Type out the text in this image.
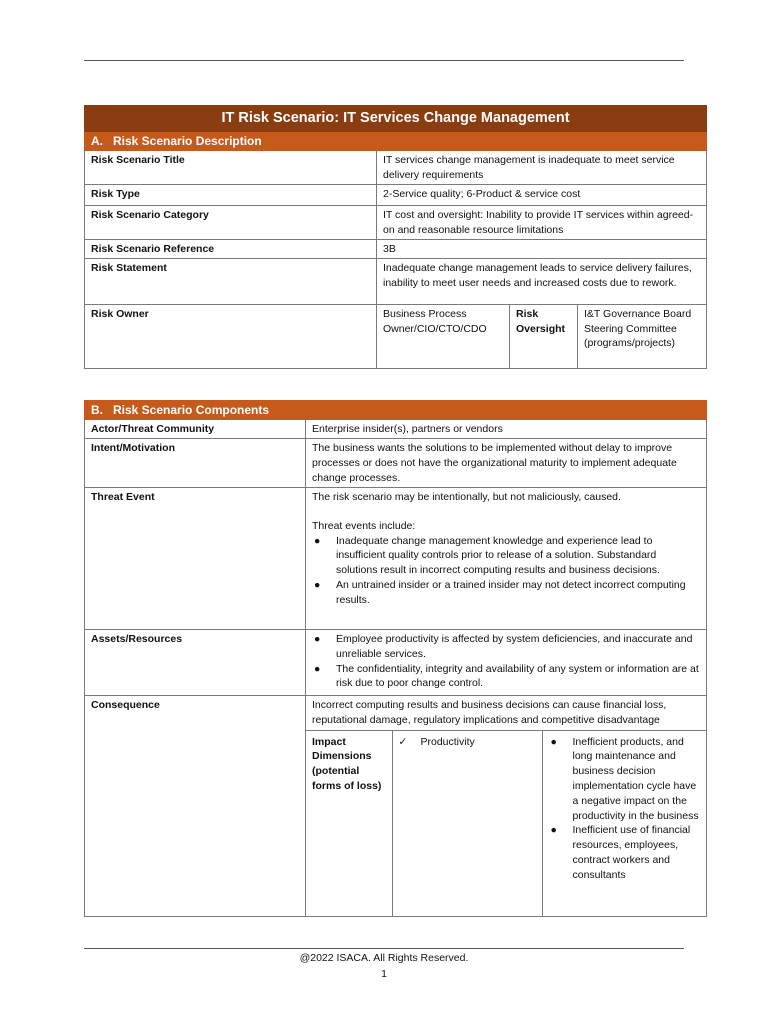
IT Risk Scenario: IT Services Change Management			
A. Risk Scenario Description			
Risk Scenario Title	IT services change management is inadequate to meet service delivery requirements		
Risk Type	2-Service quality; 6-Product & service cost		
Risk Scenario Category	IT cost and oversight: Inability to provide IT services within agreed-on and reasonable resource limitations		
Risk Scenario Reference	3B		
Risk Statement	Inadequate change management leads to service delivery failures, inability to meet user needs and increased costs due to rework.		
Risk Owner	Business Process Owner/CIO/CTO/CDO	Risk Oversight	I&T Governance Board
Steering Committee (programs/projects)
B. Risk Scenario Components
Actor/Threat Community	Enterprise insider(s), partners or vendors
Intent/Motivation	The business wants the solutions to be implemented without delay to improve processes or does not have the organizational maturity to implement adequate change processes.
Threat Event	The risk scenario may be intentionally, but not maliciously, caused.
Threat events include:
● Inadequate change management knowledge and experience lead to insufficient quality controls prior to release of a solution. Substandard solutions result in incorrect computing results and business decisions.
● An untrained insider or a trained insider may not detect incorrect computing results.

Assets/Resources	● Employee productivity is affected by system deficiencies, and inaccurate and unreliable services.
● The confidentiality, integrity and availability of any system or information are at risk due to poor change control.

Consequence	Incorrect computing results and business decisions can cause financial loss, reputational damage, regulatory implications and competitive disadvantage
Impact Dimensions (potential forms of loss)	✓ Productivity	● Inefficient products, and long maintenance and business decision implementation cycle have a negative impact on the productivity in the business
● Inefficient use of financial resources, employees, contract workers and consultants
@2022 ISACA. All Rights Reserved.
1
